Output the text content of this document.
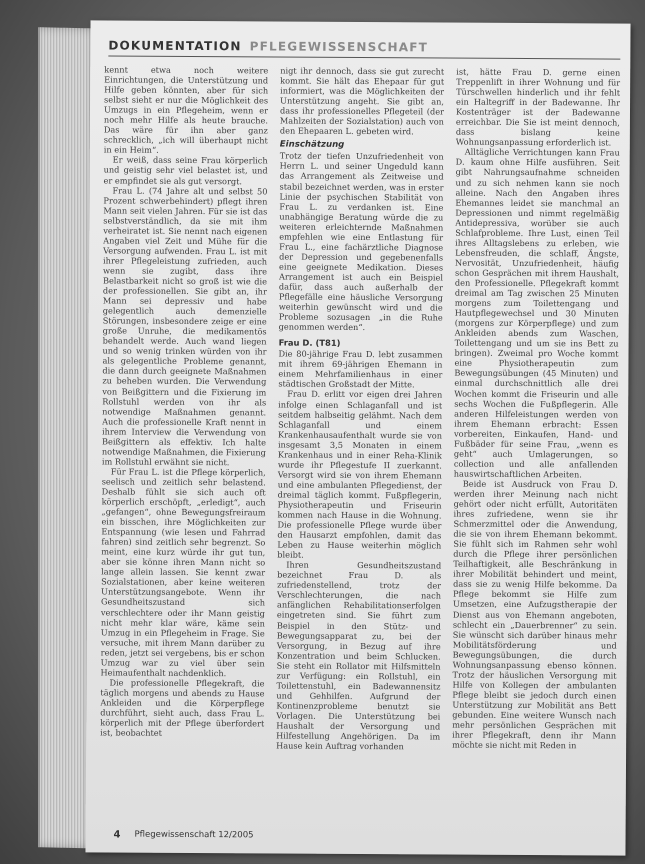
DOKUMENTATION PFLEGEWISSENSCHAFT

kennt etwa noch weitere Einrichtungen, die Unterstützung und Hilfe geben könnten, aber für sich selbst sieht er nur die Möglichkeit des Umzugs in ein Pflegeheim, wenn er noch mehr Hilfe als heute brauche. Das wäre für ihn aber ganz schrecklich, „ich will überhaupt nicht in ein Heim“.

Er weiß, dass seine Frau körperlich und geistig sehr viel belastet ist, und er empfindet sie als gut versorgt.

Frau L. (74 Jahre alt und selbst 50 Prozent schwerbehindert) pflegt ihren Mann seit vielen Jahren. Für sie ist das selbstverständlich, da sie mit ihm verheiratet ist. Sie nennt nach eigenen Angaben viel Zeit und Mühe für die Versorgung aufwenden. Frau L. ist mit ihrer Pflegeleistung zufrieden, auch wenn sie zugibt, dass ihre Belastbarkeit nicht so groß ist wie die der professionellen. Sie gibt an, ihr Mann sei depressiv und habe gelegentlich auch demenzielle Störungen, insbesondere zeige er eine große Unruhe, die medikamentös behandelt werde. Auch wand liegen und so wenig trinken würden von ihr als gelegentliche Probleme genannt, die dann durch geeignete Maßnahmen zu beheben wurden. Die Verwendung von Beißgittern und die Fixierung im Rollstuhl werden von ihr als notwendige Maßnahmen genannt. Auch die professionelle Kraft nennt in ihrem Interview die Verwendung von Beißgittern als effektiv. Ich halte notwendige Maßnahmen, die Fixierung im Rollstuhl erwähnt sie nicht.

Für Frau L. ist die Pflege körperlich, seelisch und zeitlich sehr belastend. Deshalb fühlt sie sich auch oft körperlich erschöpft, „erledigt“, auch „gefangen“, ohne Bewegungsfreiraum ein bisschen, ihre Möglichkeiten zur Entspannung (wie lesen und Fahrrad fahren) sind zeitlich sehr begrenzt. So meint, eine kurz würde ihr gut tun, aber sie könne ihren Mann nicht so lange allein lassen. Sie kennt zwar Sozialstationen, aber keine weiteren Unterstützungsangebote. Wenn ihr Gesundheitszustand sich verschlechtere oder ihr Mann geistig nicht mehr klar wäre, käme sein Umzug in ein Pflegeheim in Frage. Sie versuche, mit ihrem Mann darüber zu reden, jetzt sei vergebens, bis er schon Umzug war zu viel über sein Heimaufenthalt nachdenklich.

Die professionelle Pflegekraft, die täglich morgens und abends zu Hause Ankleiden und die Körperpflege durchführt, sieht auch, dass Frau L. körperlich mit der Pflege überfordert ist, beobachtet

nigt ihr dennoch, dass sie gut zurecht kommt. Sie hält das Ehepaar für gut informiert, was die Möglichkeiten der Unterstützung angeht. Sie gibt an, dass ihr professionelles Pflegeteil (der Mahlzeiten der Sozialstation) auch von den Ehepaaren L. gebeten wird.

Einschätzung

Trotz der tiefen Unzufriedenheit von Herrn L. und seiner Ungeduld kann das Arrangement als Zeitweise und stabil bezeichnet werden, was in erster Linie der psychischen Stabilität von Frau L. zu verdanken ist. Eine unabhängige Beratung würde die zu weiteren erleichternde Maßnahmen empfehlen wie eine Entlastung für Frau L., eine fachärztliche Diagnose der Depression und gegebenenfalls eine geeignete Medikation. Dieses Arrangement ist auch ein Beispiel dafür, dass auch außerhalb der Pflegefälle eine häusliche Versorgung weiterhin gewünscht wird und die Probleme sozusagen „in die Ruhe genommen werden“.

Frau D. (T81)

Die 80-jährige Frau D. lebt zusammen mit ihrem 69-jährigen Ehemann in einem Mehrfamilienhaus in einer städtischen Großstadt der Mitte.

Frau D. erlitt vor eigen drei Jahren infolge einen Schlaganfall und ist seitdem halbseitig gelähmt. Nach dem Schlaganfall und einem Krankenhausaufenthalt wurde sie von insgesamt 3,5 Monaten in einem Krankenhaus und in einer Reha-Klinik wurde ihr Pflegestufe II zuerkannt. Versorgt wird sie von ihrem Ehemann und eine ambulanten Pflegedienst, der dreimal täglich kommt. Fußpflegerin, Physiotherapeutin und Friseurin kommen nach Hause in die Wohnung. Die professionelle Pflege wurde über den Hausarzt empfohlen, damit das Leben zu Hause weiterhin möglich bleibt.

Ihren Gesundheitszustand bezeichnet Frau D. als zufriedenstellend, trotz der Verschlechterungen, die nach anfänglichen Rehabilitationserfolgen eingetreten sind. Sie führt zum Beispiel in den Stütz- und Bewegungsapparat zu, bei der Versorgung, in Bezug auf ihre Konzentration und beim Schlucken. Sie steht ein Rollator mit Hilfsmitteln zur Verfügung: ein Rollstuhl, ein Toilettenstuhl, ein Badewannensitz und Gehhilfen. Aufgrund der Kontinenzprobleme benutzt sie Vorlagen. Die Unterstützung bei Haushalt der Versorgung und Hilfestellung Angehörigen. Da im Hause kein Auftrag vorhanden

ist, hätte Frau D. gerne einen Treppenlift in ihrer Wohnung und für Türschwellen hinderlich und ihr fehlt ein Haltegriff in der Badewanne. Ihr Kostenträger ist der Badewanne erreichbar. Die Sie ist meint dennoch, dass bislang keine Wohnungsanpassung erforderlich ist.

Alltägliche Verrichtungen kann Frau D. kaum ohne Hilfe ausführen. Seit gibt Nahrungsaufnahme schneiden und zu sich nehmen kann sie noch alleine. Nach den Angaben ihres Ehemannes leidet sie manchmal an Depressionen und nimmt regelmäßig Antidepressiva, worüber sie auch Schlafprobleme. Ihre Lust, einen Teil ihres Alltagslebens zu erleben, wie Lebensfreuden, die schlaff, Ängste, Nervosität, Unzufriedenheit, häufig schon Gesprächen mit ihrem Haushalt, den Professionelle. Pflegekraft kommt dreimal am Tag zwischen 25 Minuten morgens zum Toilettengang und Hautpflegewechsel und 30 Minuten (morgens zur Körperpflege) und zum Ankleiden abends zum Waschen, Toilettengang und um sie ins Bett zu bringen). Zweimal pro Woche kommt eine Physiotherapeutin zum Bewegungsübungen (45 Minuten) und einmal durchschnittlich alle drei Wochen kommt die Friseurin und alle sechs Wochen die Fußpflegerin. Alle anderen Hilfeleistungen werden von ihrem Ehemann erbracht: Essen vorbereiten, Einkaufen, Hand- und Fußbäder für seine Frau, „wenn es geht“ auch Umlagerungen, so collection und alle anfallenden hauswirtschaftlichen Arbeiten.

Beide ist Ausdruck von Frau D. werden ihrer Meinung nach nicht gehört oder nicht erfüllt, Autoritäten ihres zufriedene, wenn sie ihr Schmerzmittel oder die Anwendung, die sie von ihrem Ehemann bekommt. Sie fühlt sich im Rahmen sehr wohl durch die Pflege ihrer persönlichen Teilhaftigkeit, alle Beschränkung in ihrer Mobilität behindert und meint, dass sie zu wenig Hilfe bekomme. Da Pflege bekommt sie Hilfe zum Umsetzen, eine Aufzugstherapie der Dienst aus von Ehemann angeboten, schlecht ein „Dauerbrenner“ zu sein. Sie wünscht sich darüber hinaus mehr Mobilitätsförderung und Bewegungsübungen, die durch Wohnungsanpassung ebenso können. Trotz der häuslichen Versorgung mit Hilfe von Kollegen der ambulanten Pflege bleibt sie jedoch durch einen Unterstützung zur Mobilität ans Bett gebunden. Eine weitere Wunsch nach mehr persönlichen Gesprächen mit ihrer Pflegekraft, denn ihr Mann möchte sie nicht mit Reden in

4 Pflegewissenschaft 12/2005
